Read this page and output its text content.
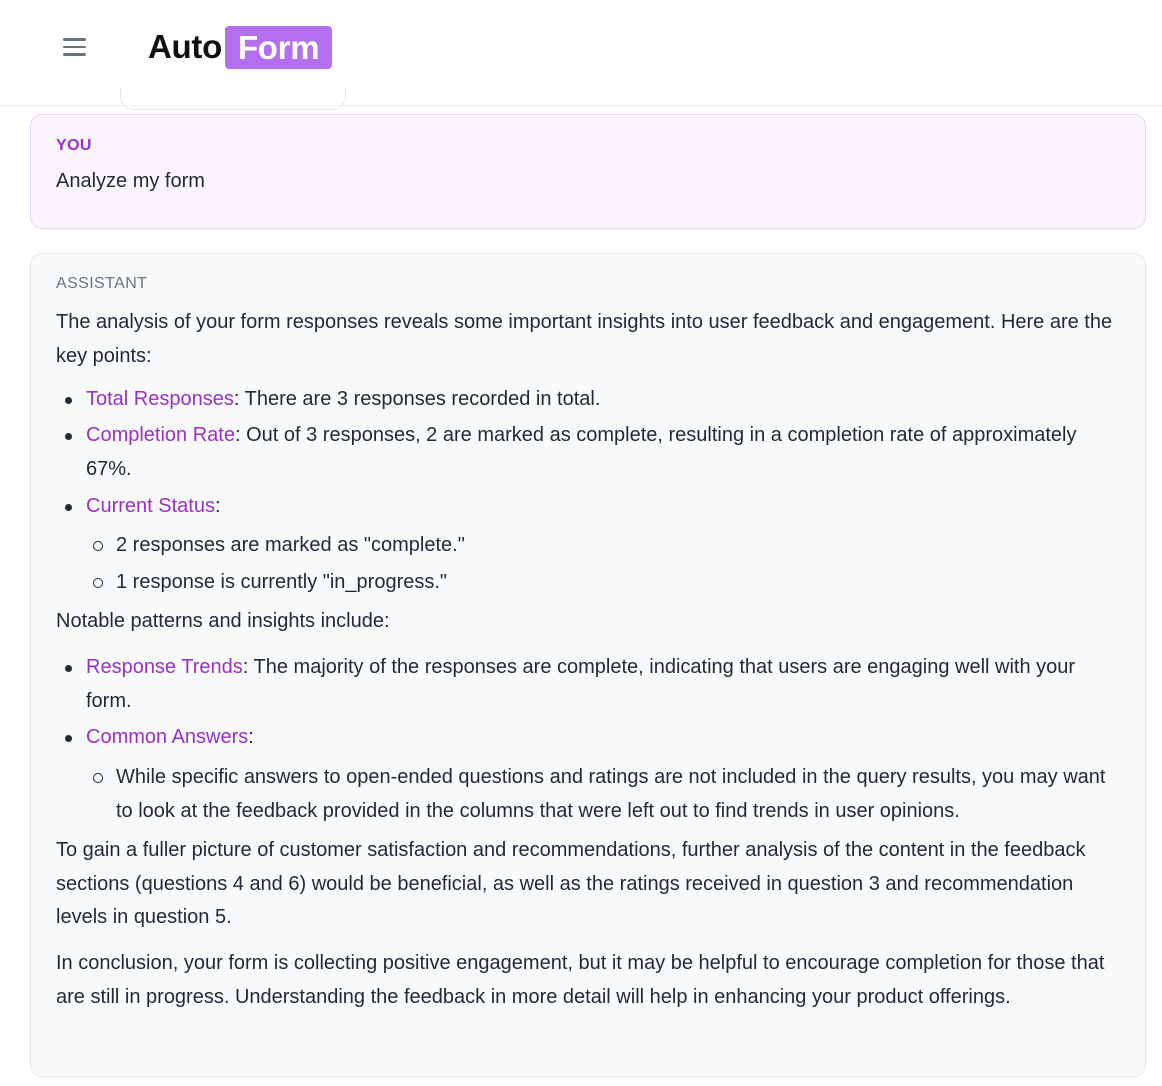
Auto Form
YOU
Analyze my form
ASSISTANT
The analysis of your form responses reveals some important insights into user feedback and engagement. Here are the key points:
Total Responses: There are 3 responses recorded in total.
Completion Rate: Out of 3 responses, 2 are marked as complete, resulting in a completion rate of approximately 67%.
Current Status:
2 responses are marked as "complete."
1 response is currently "in_progress."
Notable patterns and insights include:
Response Trends: The majority of the responses are complete, indicating that users are engaging well with your form.
Common Answers:
While specific answers to open-ended questions and ratings are not included in the query results, you may want to look at the feedback provided in the columns that were left out to find trends in user opinions.
To gain a fuller picture of customer satisfaction and recommendations, further analysis of the content in the feedback sections (questions 4 and 6) would be beneficial, as well as the ratings received in question 3 and recommendation levels in question 5.
In conclusion, your form is collecting positive engagement, but it may be helpful to encourage completion for those that are still in progress. Understanding the feedback in more detail will help in enhancing your product offerings.
